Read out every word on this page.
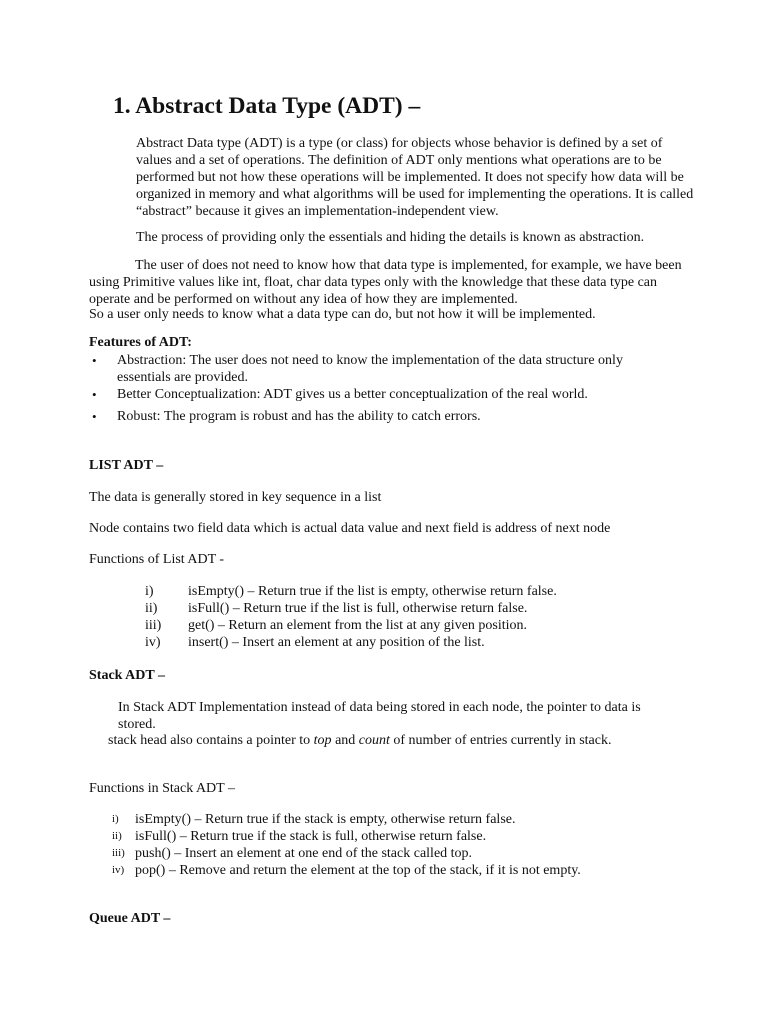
1. Abstract Data Type (ADT) –

Abstract Data type (ADT) is a type (or class) for objects whose behavior is defined by a set of values and a set of operations. The definition of ADT only mentions what operations are to be performed but not how these operations will be implemented. It does not specify how data will be organized in memory and what algorithms will be used for implementing the operations. It is called “abstract” because it gives an implementation-independent view.

The process of providing only the essentials and hiding the details is known as abstraction.

The user of does not need to know how that data type is implemented, for example, we have been using Primitive values like int, float, char data types only with the knowledge that these data type can operate and be performed on without any idea of how they are implemented.

So a user only needs to know what a data type can do, but not how it will be implemented.

Features of ADT:
• Abstraction: The user does not need to know the implementation of the data structure only essentials are provided.
• Better Conceptualization: ADT gives us a better conceptualization of the real world.
• Robust: The program is robust and has the ability to catch errors.
LIST ADT –

The data is generally stored in key sequence in a list

Node contains two field data which is actual data value and next field is address of next node

Functions of List ADT -

i)	isEmpty() – Return true if the list is empty, otherwise return false.
ii)	isFull() – Return true if the list is full, otherwise return false.
iii)	get() – Return an element from the list at any given position.
iv)	insert() – Insert an element at any position of the list.
Stack ADT –

In Stack ADT Implementation instead of data being stored in each node, the pointer to data is stored.

stack head also contains a pointer to top and count of number of entries currently in stack.

Functions in Stack ADT –

i)	isEmpty() – Return true if the stack is empty, otherwise return false.
ii) isFull() – Return true if the stack is full, otherwise return false.
iii) push() – Insert an element at one end of the stack called top.
iv) pop() – Remove and return the element at the top of the stack, if it is not empty.
Queue ADT –
